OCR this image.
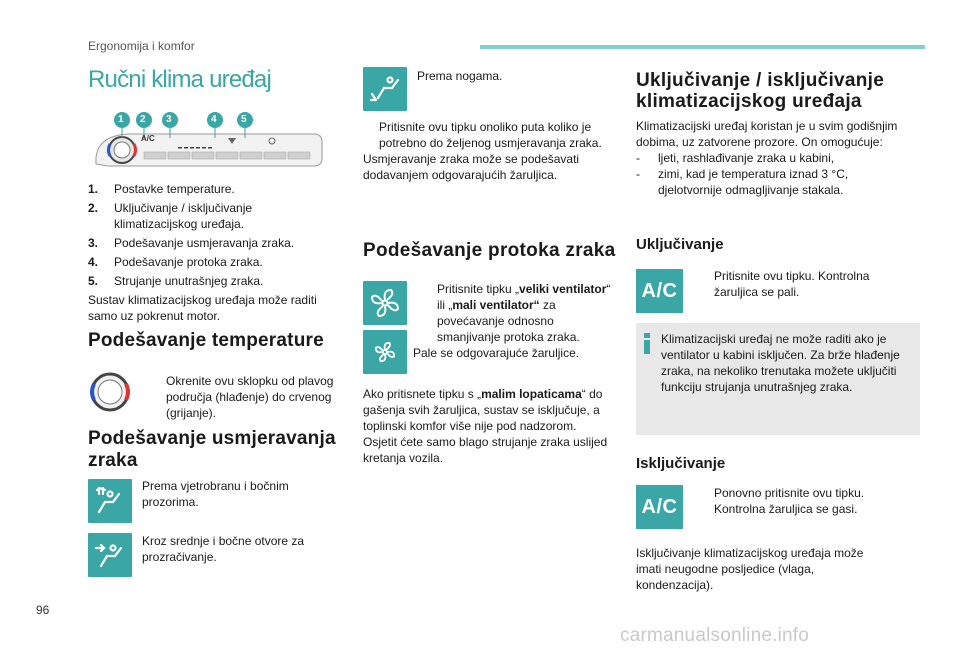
Ergonomija i komfor
Ručni klima uređaj
A/C
1 2 3	4 5
1.	Postavke temperature.
2.	Uključivanje / isključivanje klimatizacijskog uređaja.
3.	Podešavanje usmjeravanja zraka.
4.	Podešavanje protoka zraka.
5.	Strujanje unutrašnjeg zraka.
Sustav klimatizacijskog uređaja može raditi samo uz pokrenut motor.
Podešavanje temperature
Okrenite ovu sklopku od plavog područja (hlađenje) do crvenog (grijanje).
Podešavanje usmjeravanja zraka
Prema vjetrobranu i bočnim prozorima.
Kroz srednje i bočne otvore za prozračivanje.
Prema nogama.
Pritisnite ovu tipku onoliko puta koliko je potrebno do željenog usmjeravanja zraka.
Usmjeravanje zraka može se podešavati dodavanjem odgovarajućih žaruljica.
Podešavanje protoka zraka
Pritisnite tipku „veliki ventilator“ ili „mali ventilator“ za povećavanje odnosno smanjivanje protoka zraka.
Pale se odgovarajuće žaruljice.
Ako pritisnete tipku s „malim lopaticama“ do gašenja svih žaruljica, sustav se isključuje, a toplinski komfor više nije pod nadzorom. Osjetit ćete samo blago strujanje zraka uslijed kretanja vozila.
Uključivanje / isključivanje klimatizacijskog uređaja
Klimatizacijski uređaj koristan je u svim godišnjim dobima, uz zatvorene prozore. On omogućuje:
-	ljeti, rashlađivanje zraka u kabini,
-	zimi, kad je temperatura iznad 3 °C, djelotvornije odmagljivanje stakala.
Uključivanje
A/C
Pritisnite ovu tipku. Kontrolna žaruljica se pali.
Klimatizacijski uređaj ne može raditi ako je ventilator u kabini isključen. Za brže hlađenje zraka, na nekoliko trenutaka možete uključiti funkciju strujanja unutrašnjeg zraka.
Isključivanje
A/C
Ponovno pritisnite ovu tipku. Kontrolna žaruljica se gasi.
Isključivanje klimatizacijskog uređaja može imati neugodne posljedice (vlaga, kondenzacija).
96
carmanualsonline.info
